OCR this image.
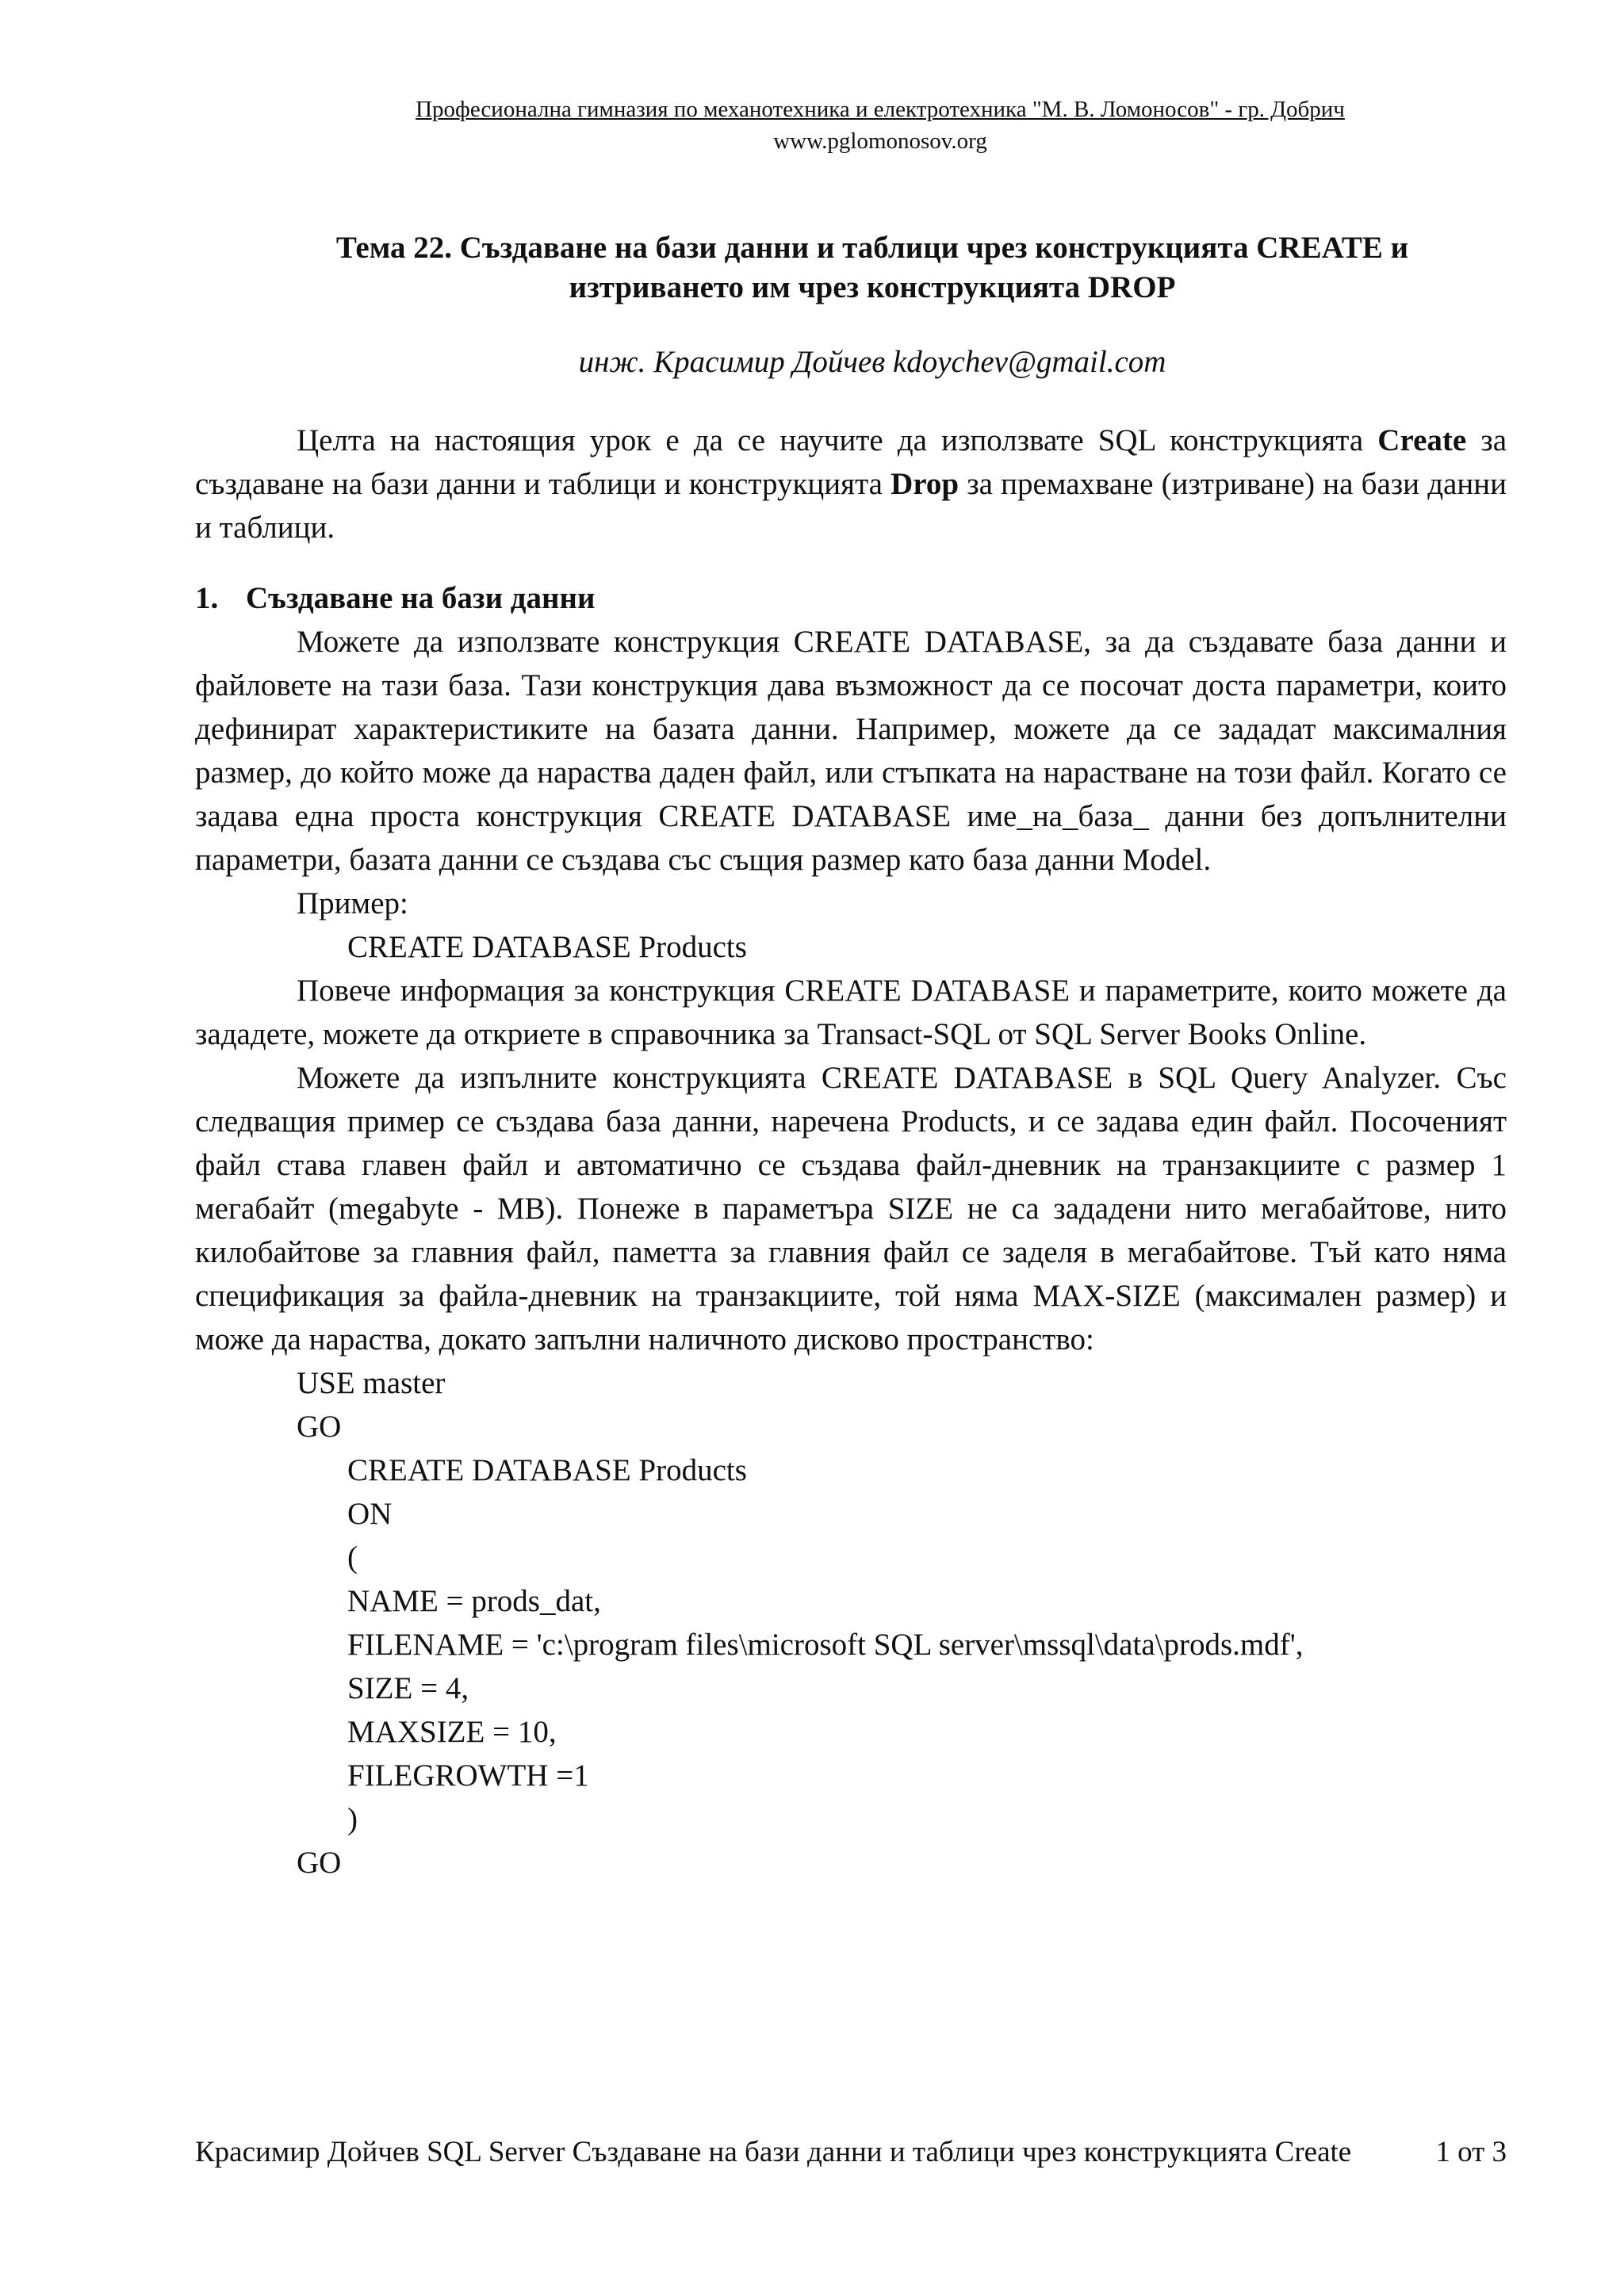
Професионална гимназия по механотехника и електротехника "М. В. Ломоносов" - гр. Добрич
www.pglomonosov.org
Тема 22. Създаване на бази данни и таблици чрез конструкцията CREATE и
изтриването им чрез конструкцията DROP
инж. Красимир Дойчев kdoychev@gmail.com

Целта на настоящия урок е да се научите да използвате SQL конструкцията Create за създаване на бази данни и таблици и конструкцията Drop за премахване (изтриване) на бази данни и таблици.

1. Създаване на бази данни

Можете да използвате конструкция CREATE DATABASE, за да създавате база данни и файловете на тази база. Тази конструкция дава възможност да се посочат доста параметри, които дефинират характеристиките на базата данни. Например, можете да се зададат максималния размер, до който може да нараства даден файл, или стъпката на нарастване на този файл. Когато се задава една проста конструкция CREATE DATABASE име_на_база_ данни без допълнителни параметри, базата данни се създава със същия размер като база данни Model.

Пример:

CREATE DATABASE Products

Повече информация за конструкция CREATE DATABASE и параметрите, които можете да зададете, можете да откриете в справочника за Transact-SQL от SQL Server Books Online.

Можете да изпълните конструкцията CREATE DATABASE в SQL Query Analyzer. Със следващия пример се създава база данни, наречена Products, и се задава един файл. Посоченият файл става главен файл и автоматично се създава файл-дневник на транзакциите с размер 1 мегабайт (megabyte - MB). Понеже в параметъра SIZE не са зададени нито мегабайтове, нито килобайтове за главния файл, паметта за главния файл се заделя в мегабайтове. Тъй като няма спецификация за файла-дневник на транзакциите, той няма MAX-SIZE (максимален размер) и може да нараства, докато запълни наличното дисково пространство:

USE master

GO

CREATE DATABASE Products

ON

(

NAME = prods_dat,

FILENAME = 'c:\program files\microsoft SQL server\mssql\data\prods.mdf',

SIZE = 4,

MAXSIZE = 10,

FILEGROWTH =1

)

GO

Красимир Дойчев SQL Server Създаване на бази данни и таблици чрез конструкцията Create	1 от 3
